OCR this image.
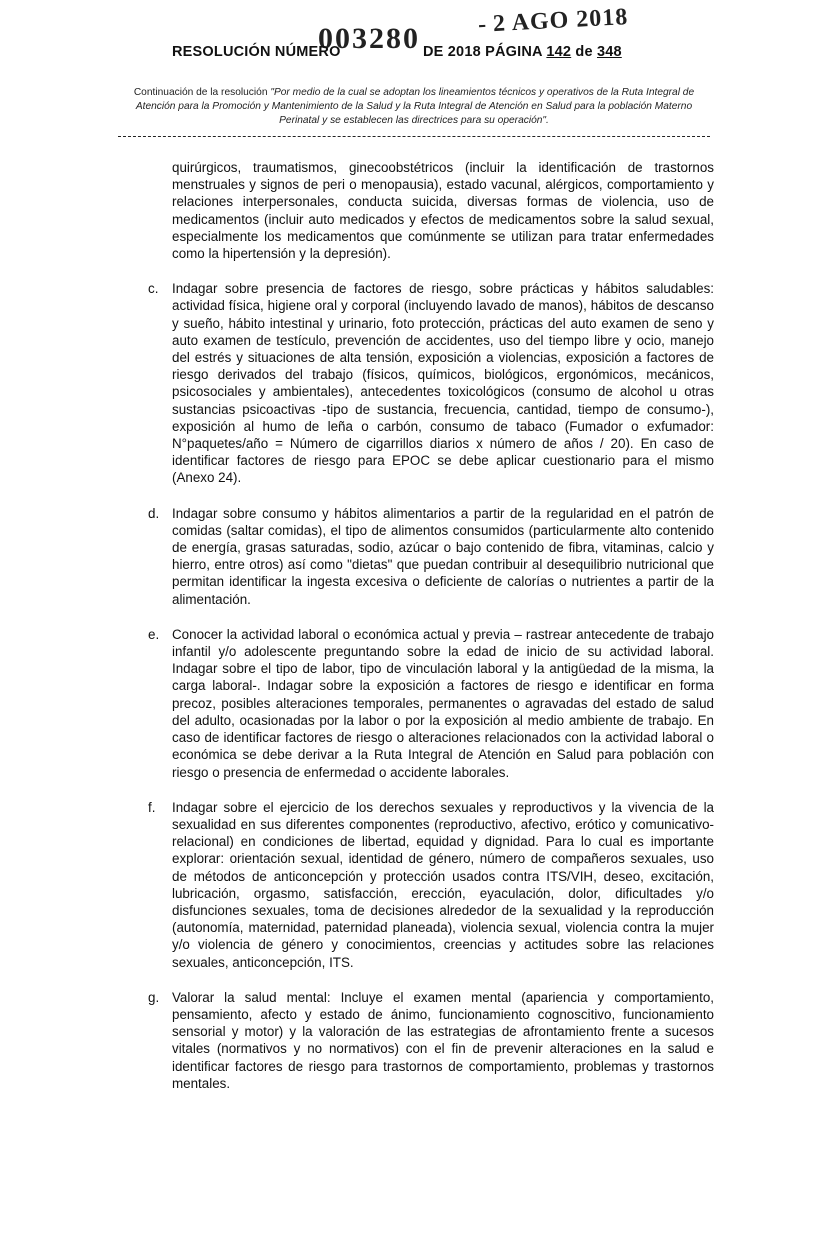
- 2 AGO 2018
003280
RESOLUCIÓN NÚMERO	DE 2018 PÁGINA 142 de 348
Continuación de la resolución "Por medio de la cual se adoptan los lineamientos técnicos y operativos de la Ruta Integral de Atención para la Promoción y Mantenimiento de la Salud y la Ruta Integral de Atención en Salud para la población Materno Perinatal y se establecen las directrices para su operación".

quirúrgicos, traumatismos, ginecoobstétricos (incluir la identificación de trastornos menstruales y signos de peri o menopausia), estado vacunal, alérgicos, comportamiento y relaciones interpersonales, conducta suicida, diversas formas de violencia, uso de medicamentos (incluir auto medicados y efectos de medicamentos sobre la salud sexual, especialmente los medicamentos que comúnmente se utilizan para tratar enfermedades como la hipertensión y la depresión).

c. Indagar sobre presencia de factores de riesgo, sobre prácticas y hábitos saludables: actividad física, higiene oral y corporal (incluyendo lavado de manos), hábitos de descanso y sueño, hábito intestinal y urinario, foto protección, prácticas del auto examen de seno y auto examen de testículo, prevención de accidentes, uso del tiempo libre y ocio, manejo del estrés y situaciones de alta tensión, exposición a violencias, exposición a factores de riesgo derivados del trabajo (físicos, químicos, biológicos, ergonómicos, mecánicos, psicosociales y ambientales), antecedentes toxicológicos (consumo de alcohol u otras sustancias psicoactivas -tipo de sustancia, frecuencia, cantidad, tiempo de consumo-), exposición al humo de leña o carbón, consumo de tabaco (Fumador o exfumador: N°paquetes/año = Número de cigarrillos diarios x número de años / 20). En caso de identificar factores de riesgo para EPOC se debe aplicar cuestionario para el mismo (Anexo 24).

d. Indagar sobre consumo y hábitos alimentarios a partir de la regularidad en el patrón de comidas (saltar comidas), el tipo de alimentos consumidos (particularmente alto contenido de energía, grasas saturadas, sodio, azúcar o bajo contenido de fibra, vitaminas, calcio y hierro, entre otros) así como "dietas" que puedan contribuir al desequilibrio nutricional que permitan identificar la ingesta excesiva o deficiente de calorías o nutrientes a partir de la alimentación.

e. Conocer la actividad laboral o económica actual y previa – rastrear antecedente de trabajo infantil y/o adolescente preguntando sobre la edad de inicio de su actividad laboral. Indagar sobre el tipo de labor, tipo de vinculación laboral y la antigüedad de la misma, la carga laboral-. Indagar sobre la exposición a factores de riesgo e identificar en forma precoz, posibles alteraciones temporales, permanentes o agravadas del estado de salud del adulto, ocasionadas por la labor o por la exposición al medio ambiente de trabajo. En caso de identificar factores de riesgo o alteraciones relacionados con la actividad laboral o económica se debe derivar a la Ruta Integral de Atención en Salud para población con riesgo o presencia de enfermedad o accidente laborales.

f. Indagar sobre el ejercicio de los derechos sexuales y reproductivos y la vivencia de la sexualidad en sus diferentes componentes (reproductivo, afectivo, erótico y comunicativo- relacional) en condiciones de libertad, equidad y dignidad. Para lo cual es importante explorar: orientación sexual, identidad de género, número de compañeros sexuales, uso de métodos de anticoncepción y protección usados contra ITS/VIH, deseo, excitación, lubricación, orgasmo, satisfacción, erección, eyaculación, dolor, dificultades y/o disfunciones sexuales, toma de decisiones alrededor de la sexualidad y la reproducción (autonomía, maternidad, paternidad planeada), violencia sexual, violencia contra la mujer y/o violencia de género y conocimientos, creencias y actitudes sobre las relaciones sexuales, anticoncepción, ITS.

g. Valorar la salud mental: Incluye el examen mental (apariencia y comportamiento, pensamiento, afecto y estado de ánimo, funcionamiento cognoscitivo, funcionamiento sensorial y motor) y la valoración de las estrategias de afrontamiento frente a sucesos vitales (normativos y no normativos) con el fin de prevenir alteraciones en la salud e identificar factores de riesgo para trastornos de comportamiento, problemas y trastornos mentales.
